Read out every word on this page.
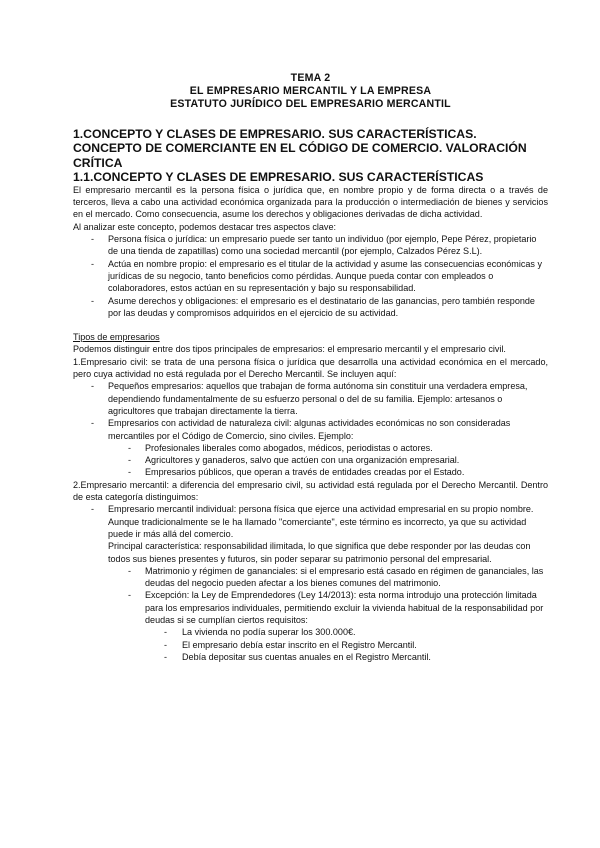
TEMA 2
EL EMPRESARIO MERCANTIL Y LA EMPRESA
ESTATUTO JURÍDICO DEL EMPRESARIO MERCANTIL
1.CONCEPTO Y CLASES DE EMPRESARIO. SUS CARACTERÍSTICAS. CONCEPTO DE COMERCIANTE EN EL CÓDIGO DE COMERCIO. VALORACIÓN CRÍTICA
1.1.CONCEPTO Y CLASES DE EMPRESARIO. SUS CARACTERÍSTICAS
El empresario mercantil es la persona física o jurídica que, en nombre propio y de forma directa o a través de terceros, lleva a cabo una actividad económica organizada para la producción o intermediación de bienes y servicios en el mercado. Como consecuencia, asume los derechos y obligaciones derivadas de dicha actividad.
Al analizar este concepto, podemos destacar tres aspectos clave:
- Persona física o jurídica: un empresario puede ser tanto un individuo (por ejemplo, Pepe Pérez, propietario de una tienda de zapatillas) como una sociedad mercantil (por ejemplo, Calzados Pérez S.L).
- Actúa en nombre propio: el empresario es el titular de la actividad y asume las consecuencias económicas y jurídicas de su negocio, tanto beneficios como pérdidas. Aunque pueda contar con empleados o colaboradores, estos actúan en su representación y bajo su responsabilidad.
- Asume derechos y obligaciones: el empresario es el destinatario de las ganancias, pero también responde por las deudas y compromisos adquiridos en el ejercicio de su actividad.
Tipos de empresarios
Podemos distinguir entre dos tipos principales de empresarios: el empresario mercantil y el empresario civil.
1.Empresario civil: se trata de una persona física o jurídica que desarrolla una actividad económica en el mercado, pero cuya actividad no está regulada por el Derecho Mercantil. Se incluyen aquí:
- Pequeños empresarios: aquellos que trabajan de forma autónoma sin constituir una verdadera empresa, dependiendo fundamentalmente de su esfuerzo personal o del de su familia. Ejemplo: artesanos o agricultores que trabajan directamente la tierra.
- Empresarios con actividad de naturaleza civil: algunas actividades económicas no son consideradas mercantiles por el Código de Comercio, sino civiles. Ejemplo:
- Profesionales liberales como abogados, médicos, periodistas o actores.
- Agricultores y ganaderos, salvo que actúen con una organización empresarial.
- Empresarios públicos, que operan a través de entidades creadas por el Estado.
2.Empresario mercantil: a diferencia del empresario civil, su actividad está regulada por el Derecho Mercantil. Dentro de esta categoría distinguimos:
- Empresario mercantil individual: persona física que ejerce una actividad empresarial en su propio nombre. Aunque tradicionalmente se le ha llamado "comerciante", este término es incorrecto, ya que su actividad puede ir más allá del comercio.
Principal característica: responsabilidad ilimitada, lo que significa que debe responder por las deudas con todos sus bienes presentes y futuros, sin poder separar su patrimonio personal del empresarial.
- Matrimonio y régimen de gananciales: si el empresario está casado en régimen de gananciales, las deudas del negocio pueden afectar a los bienes comunes del matrimonio.
- Excepción: la Ley de Emprendedores (Ley 14/2013): esta norma introdujo una protección limitada para los empresarios individuales, permitiendo excluir la vivienda habitual de la responsabilidad por deudas si se cumplían ciertos requisitos:
- La vivienda no podía superar los 300.000€.
- El empresario debía estar inscrito en el Registro Mercantil.
- Debía depositar sus cuentas anuales en el Registro Mercantil.
